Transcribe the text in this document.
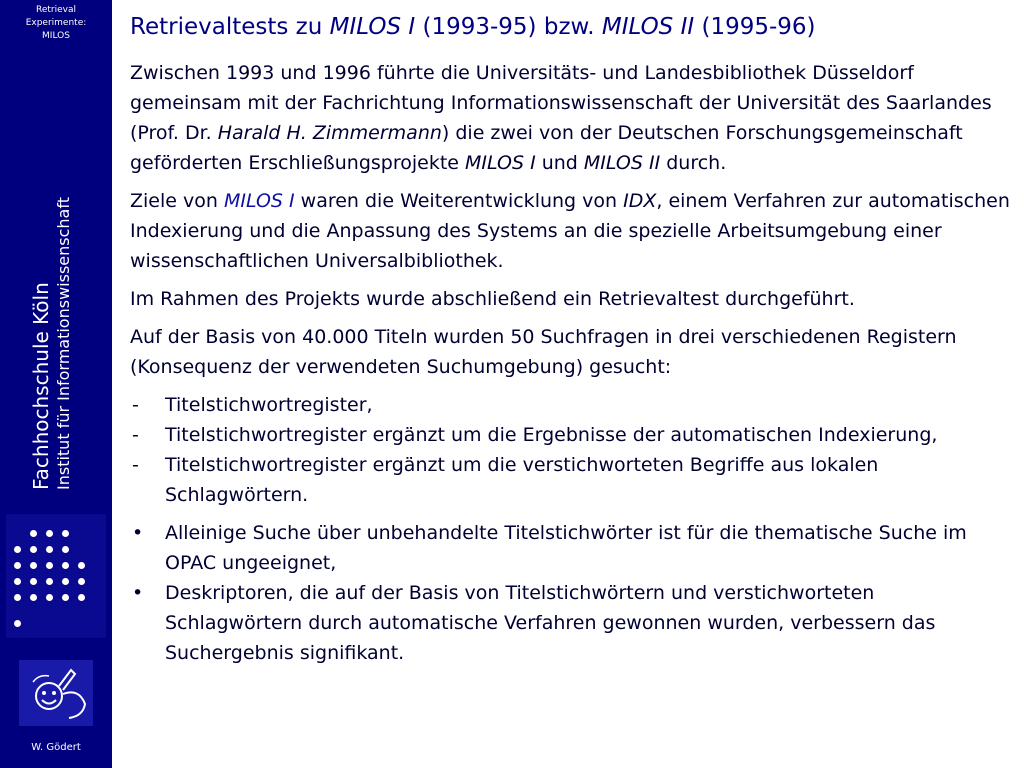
Retrieval
Experimente:
MILOS
Fachhochschule Köln Institut für Informationswissenschaft
W. Gödert
Retrievaltests zu MILOS I (1993-95) bzw. MILOS II (1995-96)

Zwischen 1993 und 1996 führte die Universitäts- und Landesbibliothek Düsseldorf gemeinsam mit der Fachrichtung Informationswissenschaft der Universität des Saarlandes (Prof. Dr. Harald H. Zimmermann) die zwei von der Deutschen Forschungsgemeinschaft geförderten Erschließungsprojekte MILOS I und MILOS II durch.

Ziele von MILOS I waren die Weiterentwicklung von IDX, einem Verfahren zur automatischen Indexierung und die Anpassung des Systems an die spezielle Arbeitsumgebung einer wissenschaftlichen Universalbibliothek.

Im Rahmen des Projekts wurde abschließend ein Retrievaltest durchgeführt.

Auf der Basis von 40.000 Titeln wurden 50 Suchfragen in drei verschiedenen Registern (Konsequenz der verwendeten Suchumgebung) gesucht:

- Titelstichwortregister,
- Titelstichwortregister ergänzt um die Ergebnisse der automatischen Indexierung,
- Titelstichwortregister ergänzt um die verstichworteten Begriffe aus lokalen Schlagwörtern.
• Alleinige Suche über unbehandelte Titelstichwörter ist für die thematische Suche im OPAC ungeeignet,
• Deskriptoren, die auf der Basis von Titelstichwörtern und verstichworteten Schlagwörtern durch automatische Verfahren gewonnen wurden, verbessern das Suchergebnis signifikant.
